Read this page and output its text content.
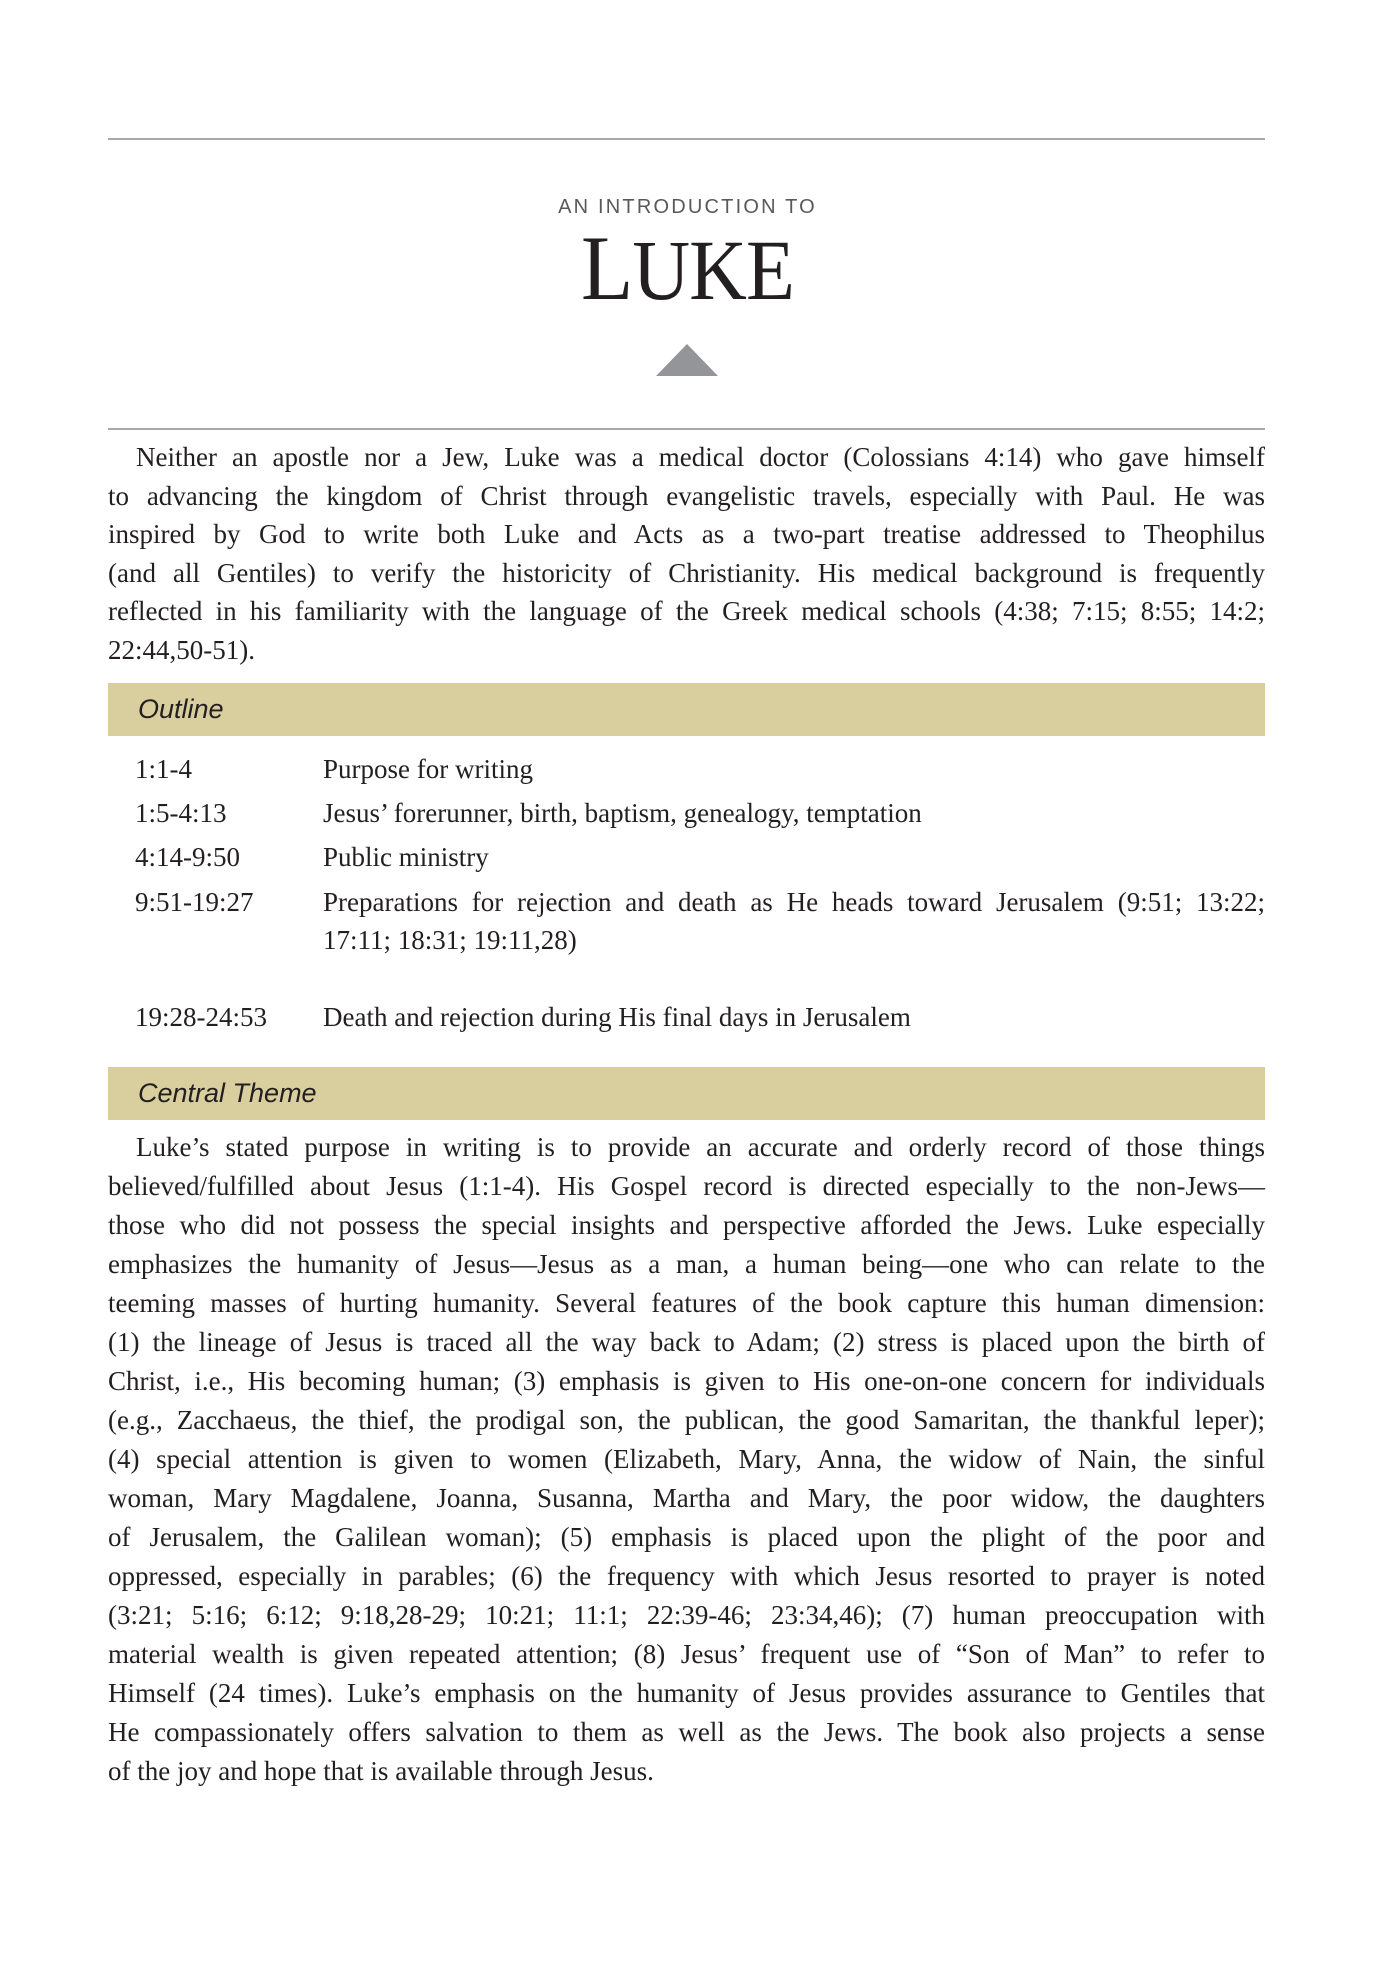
AN INTRODUCTION TO
LUKE
Neither an apostle nor a Jew, Luke was a medical doctor (Colossians 4:14) who gave himself
to advancing the kingdom of Christ through evangelistic travels, especially with Paul. He was
inspired by God to write both Luke and Acts as a two-part treatise addressed to Theophilus
(and all Gentiles) to verify the historicity of Christianity. His medical background is frequently
reflected in his familiarity with the language of the Greek medical schools (4:38; 7:15; 8:55; 14:2;
22:44,50-51).
Outline
1:1-4	Purpose for writing
1:5-4:13	Jesus’ forerunner, birth, baptism, genealogy, temptation
4:14-9:50	Public ministry
9:51-19:27	Preparations for rejection and death as He heads toward Jerusalem (9:51; 13:22;
17:11; 18:31; 19:11,28)
19:28-24:53 Death and rejection during His final days in Jerusalem
Central Theme
Luke’s stated purpose in writing is to provide an accurate and orderly record of those things
believed/fulfilled about Jesus (1:1-4). His Gospel record is directed especially to the non-Jews—
those who did not possess the special insights and perspective afforded the Jews. Luke especially
emphasizes the humanity of Jesus—Jesus as a man, a human being—one who can relate to the
teeming masses of hurting humanity. Several features of the book capture this human dimension:
(1) the lineage of Jesus is traced all the way back to Adam; (2) stress is placed upon the birth of
Christ, i.e., His becoming human; (3) emphasis is given to His one-on-one concern for individuals
(e.g., Zacchaeus, the thief, the prodigal son, the publican, the good Samaritan, the thankful leper);
(4) special attention is given to women (Elizabeth, Mary, Anna, the widow of Nain, the sinful
woman, Mary Magdalene, Joanna, Susanna, Martha and Mary, the poor widow, the daughters
of Jerusalem, the Galilean woman); (5) emphasis is placed upon the plight of the poor and
oppressed, especially in parables; (6) the frequency with which Jesus resorted to prayer is noted
(3:21; 5:16; 6:12; 9:18,28-29; 10:21; 11:1; 22:39-46; 23:34,46); (7) human preoccupation with
material wealth is given repeated attention; (8) Jesus’ frequent use of “Son of Man” to refer to
Himself (24 times). Luke’s emphasis on the humanity of Jesus provides assurance to Gentiles that
He compassionately offers salvation to them as well as the Jews. The book also projects a sense
of the joy and hope that is available through Jesus.
